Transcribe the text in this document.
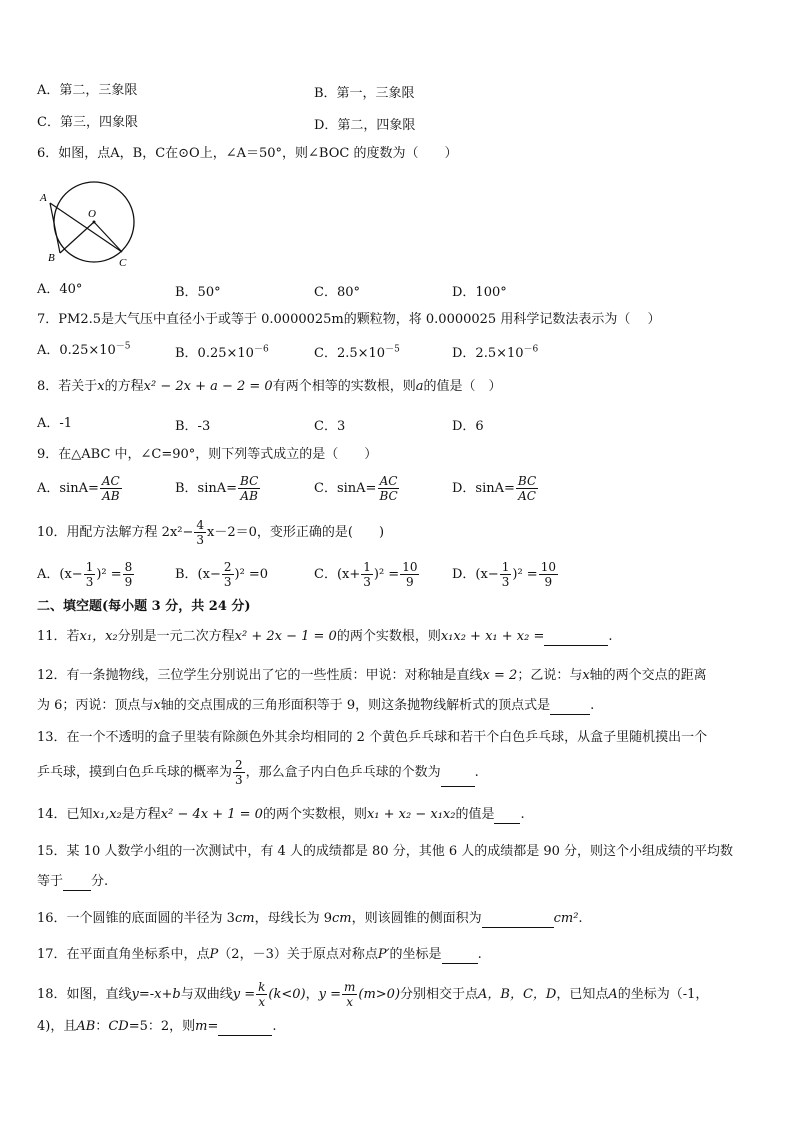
A．第二，三象限	B．第一，三象限
C．第三，四象限	D．第二，四象限
6．如图，点A，B，C在⊙O上，∠A＝50°，则∠BOC 的度数为（　　）
A
O
B	C
A．40°	B．50°	C．80°	D．100°
7．PM2.5是大气压中直径小于或等于 0.0000025m的颗粒物，将 0.0000025 用科学记数法表示为（　 ）
A．$0.25\times 10^{-5}$	B．$0.25\times 10^{-6}$	C．$2.5\times 10^{-5}$	D．$2.5\times 10^{-6}$
8．若关于x的方程x² − 2x + a − 2 = 0有两个相等的实数根，则a的值是（　）
A．-1	B．-3	C．3	D．6
9．在△ABC 中，∠C=90°，则下列等式成立的是（　　）
A．$\sin A= \frac{AC}{AB}$	B．$\sin A= \frac{BC}{AB}$	C．$\sin A= \frac{AC}{BC}$	D．$\sin A= \frac{BC}{AC}$
10．用配方法解方程 $2x^2- \frac{4}{3} x-2=0$，变形正确的是(　　)
A．$(x- \frac{1}{3} )^2 = \frac{8}{9}$	B．$(x- \frac{2}{3} )^2 =0$	C．$(x+ \frac{1}{3} )^2 = \frac{10}{9}$	D．$(x- \frac{1}{3} )^2 = \frac{10}{9}$
二、填空题(每小题 3 分，共 24 分)
11．若x₁，x₂分别是一元二次方程x² + 2x − 1 = 0的两个实数根，则x₁x₂ + x₁ + x₂ =	.
12．有一条抛物线，三位学生分别说出了它的一些性质：甲说：对称轴是直线x = 2；乙说：与x轴的两个交点的距离
为 6；丙说：顶点与x轴的交点围成的三角形面积等于 9，则这条抛物线解析式的顶点式是	.
13．在一个不透明的盒子里装有除颜色外其余均相同的 2 个黄色乒乓球和若干个白色乒乓球，从盒子里随机摸出一个
乒乓球，摸到白色乒乓球的概率为 $\frac{2}{3}$ ，那么盒子内白色乒乓球的个数为	.
14．已知x₁,x₂是方程x² − 4x + 1 = 0的两个实数根，则x₁ + x₂ − x₁x₂的值是 .
15．某 10 人数学小组的一次测试中，有 4 人的成绩都是 80 分，其他 6 人的成绩都是 90 分，则这个小组成绩的平均数
等于 分.
16．一个圆锥的底面圆的半径为 3cm，母线长为 9cm，则该圆锥的侧面积为	cm².
17．在平面直角坐标系中，点P（2，－3）关于原点对称点P′的坐标是	.
18．如图，直线y=-x+b与双曲线$y = \frac{k}{x} (k<0)$，$y = \frac{m}{x} (m>0)$分别相交于点A，B，C，D，已知点A的坐标为（-1，
4)，且AB：CD=5：2，则m=	.
